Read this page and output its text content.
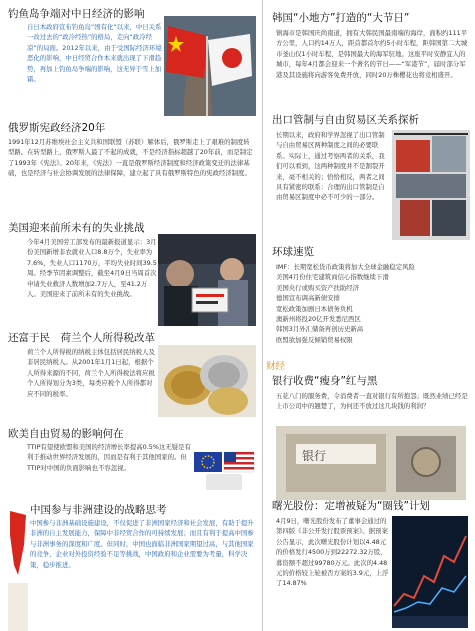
钓鱼岛争端对中日经济的影响
自日本政府宣布钓鱼岛“国有化”以来，中日关系一改过去的“政冷经热”的格局，走向“政冷经凉”的局面。2012年以来，由于受国际经济环境恶化的影响，中日经贸合作本来就出现了下滑趋势，再加上钓鱼岛争端的影响，这无异于雪上加霜。
俄罗斯宪政经济20年
1991年12月苏维埃社会主义共和国联盟（苏联）解体后，俄罗斯走上了艰难的制度转型路。在转型路上，俄罗斯人最了不起的成就，不是经济指标超越了20年前，而是制定了1993年《宪法》。20年来，《宪法》一直是俄罗斯经济制度和经济政策变迁的法律基础，也是经济与社会协调发展的法律保障，建立起了具有俄罗斯特色的宪政经济制度。
美国迎来前所未有的失业挑战
今年4月美国劳工部发布的最新报道显示：3月份美国新增非农就业人口8.8万个，失业率为7.6%，失业人口1170万，平均失业时间39.5周。经季节因素调整后，截至4月9日当周首次申请失业救济人数增加2.7万人，至41.2万人。美国迎来了前所未有的失业挑战。
还富于民　荷兰个人所得税改革
荷兰个人所得税的纳税主体包括居民纳税人及非居民纳税人。从2001年1月1日起，根据个人所得来源的不同，荷兰个人所得税法将应税个人所得划分为3类，每类应税个人所得都对应不同的税率。
欧美自由贸易的影响何在
TTIP有望使欧盟和美国的经济增长率提高0.5%这无疑是有利于推动世界经济发展的，因而是有利于其他国家的。但TTIP对中国的负面影响也不容忽视。
中国参与非洲建设的战略思考
中国参与非洲基础设施建设，不仅促进了非洲国家经济和社会发展，有助于提升非洲的自主发展能力，保障中非经贸合作的可持续发展；而且有利于提高中国参与非洲事务的深度和广度。但同时，中国也面临非洲国家期望过高，与其他国家的竞争，企业对外投资经验不足等挑战，中国政府和企业需要为考量，科学决策，稳步推进。
韩国“小地方”打造的“大节日”
镇海市是韩国庆尚南道，拥有大韩民国最南端的海岸，面积约111平方公里，人口约14万人，距首都首尔约5小时车程，距韩国第二大城市釜山仅1小时车程，是韩国最大的海军驻地。这座平时安静宜人的城市，每年4月都会迎来一个著名的节日——“军港节”，届时部分军港及其设施将向游客免费开放，同时20万株樱花也将竞相盛开。
出口管制与自由贸易区关系探析
长期以来，政府和学界忽视了出口管制与自由贸易区两种制度之间的必要联系。实际上，通过考察两者的关系，我们可以看到，这两种制度并不是割裂开来，毫不相关的；恰恰相反，两者之间具有紧密的联系：合理的出口管制是自由贸易区制度中必不可少的一部分。
环球速览
IMF：长期宽松货币政策将加大全球金融稳定风险
美国4月份住宅建筑商信心指数继续下滑
美国央行或购买资产扶助经济
德国宣布调高新债安排
宽松政策加剧日本债务负机
澳新州将投20亿开发悉尼西区
韩国3月外汇储备再创历史新高
欧盟欲加强反倾销贸易权限
财经
银行收费“瘦身”红与黑
五花八门的服务费，令消费者一直对银行有所抱怨；既然业绩已经是上市公司中的翘楚了，为何还不放过这几块钱的利润？
银行
曙光股份：定增被疑为“圈钱”计划
4月9日，曙光股份发布了董事会通过的第四版《非公开发行股票预案》。据预案公告显示，此次曙光股份计划以4.48元的价格发行4500万到22272.32万股，募资额不超过99780万元。此次的4.48元的价格较上轮被否方案的3.9元，上浮了14.87%
